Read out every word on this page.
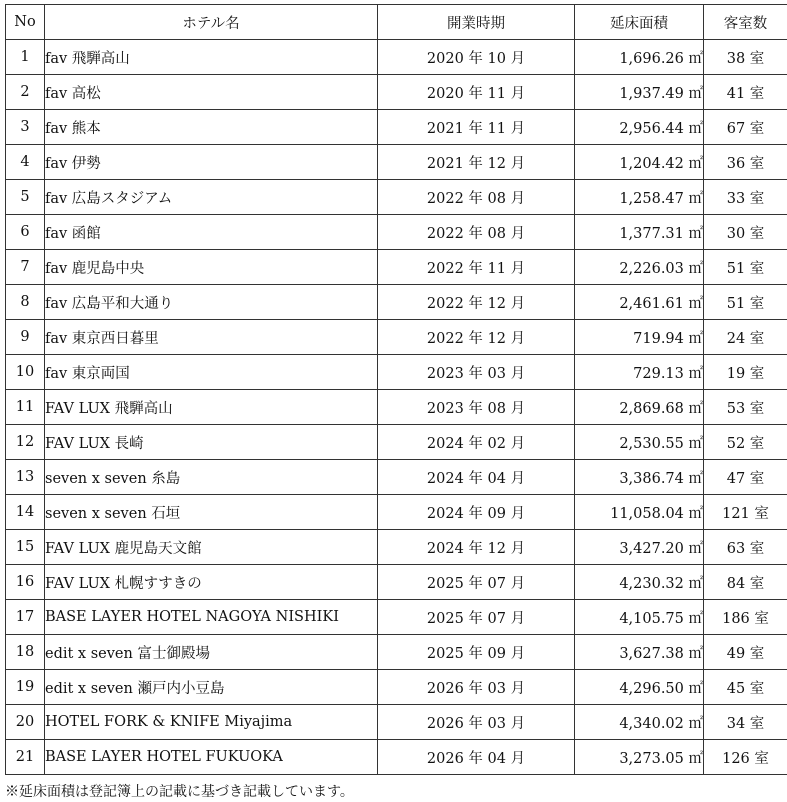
No	ホテル名	開業時期	延床面積	客室数
1	fav 飛騨高山	2020 年 10 月	1,696.26 ㎡	38 室
2	fav 高松	2020 年 11 月	1,937.49 ㎡	41 室
3	fav 熊本	2021 年 11 月	2,956.44 ㎡	67 室
4	fav 伊勢	2021 年 12 月	1,204.42 ㎡	36 室
5	fav 広島スタジアム	2022 年 08 月	1,258.47 ㎡	33 室
6	fav 函館	2022 年 08 月	1,377.31 ㎡	30 室
7	fav 鹿児島中央	2022 年 11 月	2,226.03 ㎡	51 室
8	fav 広島平和大通り	2022 年 12 月	2,461.61 ㎡	51 室
9	fav 東京西日暮里	2022 年 12 月	719.94 ㎡	24 室
10	fav 東京両国	2023 年 03 月	729.13 ㎡	19 室
11	FAV LUX 飛騨高山	2023 年 08 月	2,869.68 ㎡	53 室
12	FAV LUX 長崎	2024 年 02 月	2,530.55 ㎡	52 室
13	seven x seven 糸島	2024 年 04 月	3,386.74 ㎡	47 室
14	seven x seven 石垣	2024 年 09 月	11,058.04 ㎡	121 室
15	FAV LUX 鹿児島天文館	2024 年 12 月	3,427.20 ㎡	63 室
16	FAV LUX 札幌すすきの	2025 年 07 月	4,230.32 ㎡	84 室
17	BASE LAYER HOTEL NAGOYA NISHIKI	2025 年 07 月	4,105.75 ㎡	186 室
18	edit x seven 富士御殿場	2025 年 09 月	3,627.38 ㎡	49 室
19	edit x seven 瀬戸内小豆島	2026 年 03 月	4,296.50 ㎡	45 室
20	HOTEL FORK & KNIFE Miyajima	2026 年 03 月	4,340.02 ㎡	34 室
21	BASE LAYER HOTEL FUKUOKA	2026 年 04 月	3,273.05 ㎡	126 室
※延床面積は登記簿上の記載に基づき記載しています。
